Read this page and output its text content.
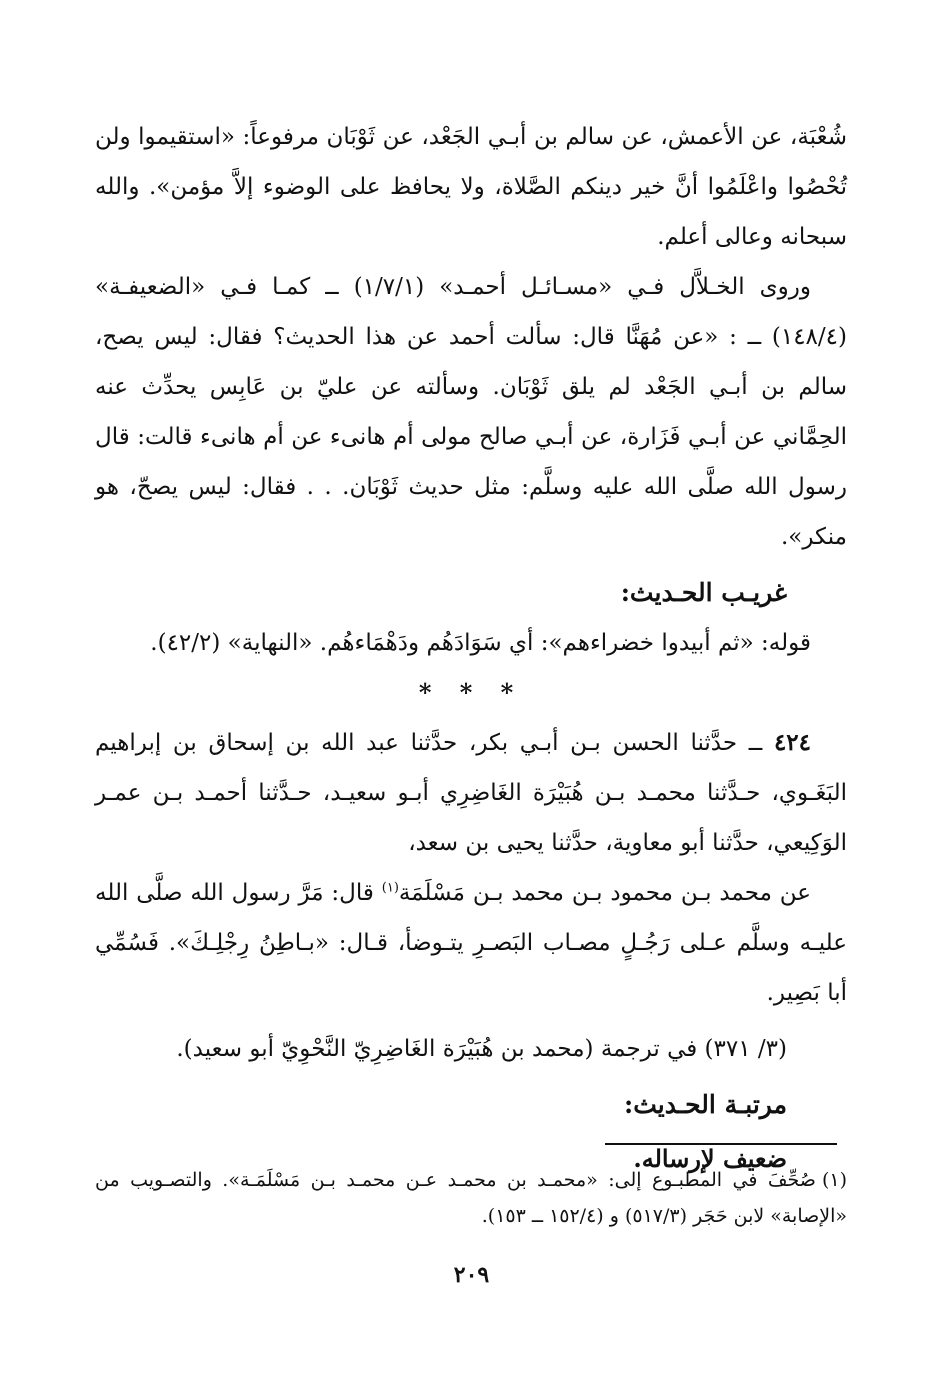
شُعْبَة، عن الأعمش، عن سالم بن أبـي الجَعْد، عن ثَوْبَان مرفوعاً: «استقيموا ولن تُحْصُوا واعْلَمُوا أنَّ خير دينكم الصَّلاة، ولا يحافظ على الوضوء إلاَّ مؤمن». والله سبحانه وعالى أعلم.

وروى الخـلاَّل فـي «مسـائـل أحمـد» (١/٧/١) ــ كمـا فـي «الضعيفـة» (١٤٨/٤) ــ : «عن مُهَنَّا قال: سألت أحمد عن هذا الحديث؟ فقال: ليس يصح، سالم بن أبـي الجَعْد لم يلق ثَوْبَان. وسألته عن عليّ بن عَابِس يحدِّث عنه الحِمَّاني عن أبـي فَزَارة، عن أبـي صالح مولى أم هانىء عن أم هانىء قالت: قال رسول الله صلَّى الله عليه وسلَّم: مثل حديث ثَوْبَان. . . فقال: ليس يصحّ، هو منكر».

غريـب الحـديث:

قوله: «ثم أبيدوا خضراءهم»: أي سَوَادَهُم ودَهْمَاءهُم. «النهاية» (٤٢/٢).

* * *

٤٢٤ ــ حدَّثنا الحسن بـن أبـي بكر، حدَّثنا عبد الله بن إسحاق بن إبراهيم البَغَـوي، حـدَّثنا محمـد بـن هُبَيْرَة الغَاضِرِي أبـو سعيـد، حـدَّثنا أحمـد بـن عمـر الوَكِيعي، حدَّثنا أبو معاوية، حدَّثنا يحيى بن سعد،

عن محمد بـن محمود بـن محمد بـن مَسْلَمَة$^{(١)}$ قال: مَرَّ رسول الله صلَّى الله عليـه وسلَّم عـلى رَجُـلٍ مصـاب البَصـرِ يتـوضأ، قـال: «بـاطِنُ رِجْلِـكَ». فَسُمِّي أبا بَصِير.

(٣/ ٣٧١) في ترجمة (محمد بن هُبَيْرَة الغَاضِرِيّ النَّحْوِيّ أبو سعيد).
مرتبـة الحـديث:
ضعيف لإرساله.

(١)صُحِّفَ في المطبـوع إلى: «محمـد بن محمـد عـن محمـد بـن مَسْلَمَـة». والتصـويب من «الإصابة» لابن حَجَر (٥١٧/٣) و (١٥٢/٤ ــ ١٥٣).

٢٠٩
